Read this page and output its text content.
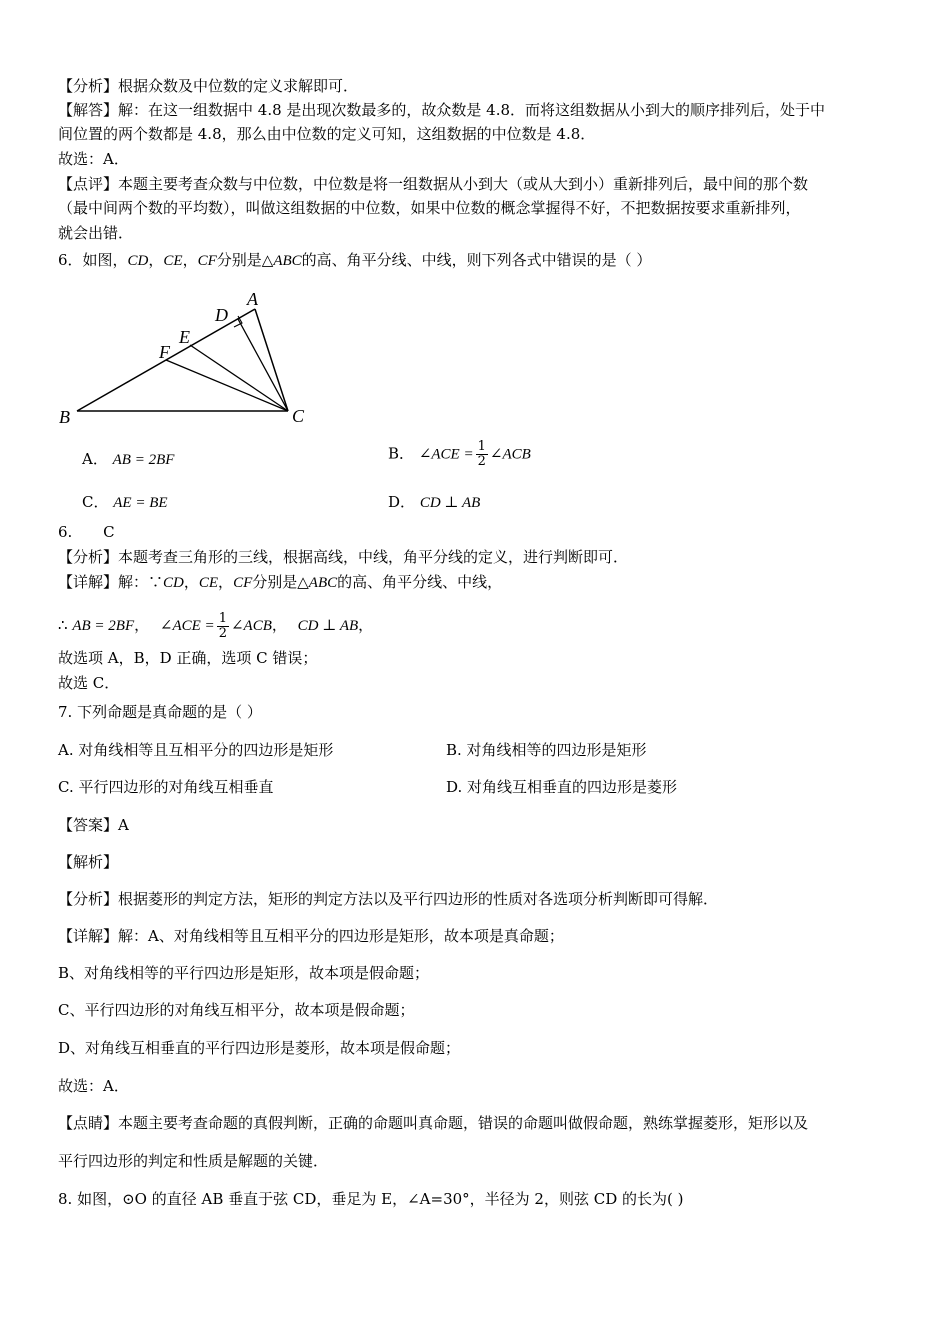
【分析】根据众数及中位数的定义求解即可．
【解答】解：在这一组数据中 4.8 是出现次数最多的，故众数是 4.8．而将这组数据从小到大的顺序排列后，处于中
间位置的两个数都是 4.8，那么由中位数的定义可知，这组数据的中位数是 4.8．
故选：A．
【点评】本题主要考查众数与中位数，中位数是将一组数据从小到大（或从大到小）重新排列后，最中间的那个数
（最中间两个数的平均数），叫做这组数据的中位数，如果中位数的概念掌握得不好，不把数据按要求重新排列，
就会出错．
6．如图，CD，CE，CF分别是△ABC的高、角平分线、中线，则下列各式中错误的是（ ）
A
B	C
D
E
F
A． AB = 2BF	B． ∠ACE = $\frac{1}{2}$ ∠ACB
C． AE = BE	D． CD ⊥ AB
6. C
【分析】本题考查三角形的三线，根据高线，中线，角平分线的定义，进行判断即可．
【详解】解：∵CD，CE，CF分别是△ABC的高、角平分线、中线，
∴ AB = 2BF， ∠ACE = $\frac{1}{2}$ ∠ACB， CD ⊥ AB，
故选项 A，B，D 正确，选项 C 错误；
故选 C．
7. 下列命题是真命题的是（ ）
A. 对角线相等且互相平分的四边形是矩形	B. 对角线相等的四边形是矩形
C. 平行四边形的对角线互相垂直	D. 对角线互相垂直的四边形是菱形
【答案】A
【解析】
【分析】根据菱形的判定方法，矩形的判定方法以及平行四边形的性质对各选项分析判断即可得解．
【详解】解：A、对角线相等且互相平分的四边形是矩形，故本项是真命题；
B、对角线相等的平行四边形是矩形，故本项是假命题；
C、平行四边形的对角线互相平分，故本项是假命题；
D、对角线互相垂直的平行四边形是菱形，故本项是假命题；
故选：A．
【点睛】本题主要考查命题的真假判断，正确的命题叫真命题，错误的命题叫做假命题，熟练掌握菱形，矩形以及
平行四边形的判定和性质是解题的关键．
8. 如图，⊙O 的直径 AB 垂直于弦 CD，垂足为 E，∠A=30°，半径为 2，则弦 CD 的长为( )
